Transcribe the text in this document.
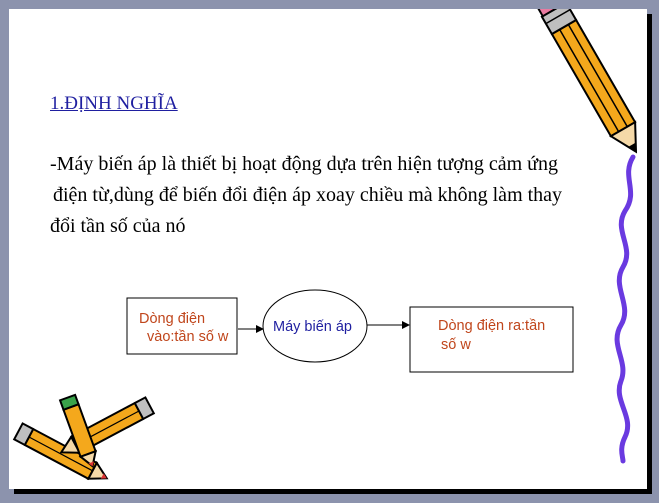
1.ĐỊNH NGHĨA

-Máy biến áp là thiết bị hoạt động dựa trên hiện tượng cảm ứng

điện từ,dùng để biến đổi điện áp xoay chiều mà không làm thay

đổi tần số của nó

Dòng điện
vào:tần số w
Máy biến áp	Dòng điện ra:tần
số w
